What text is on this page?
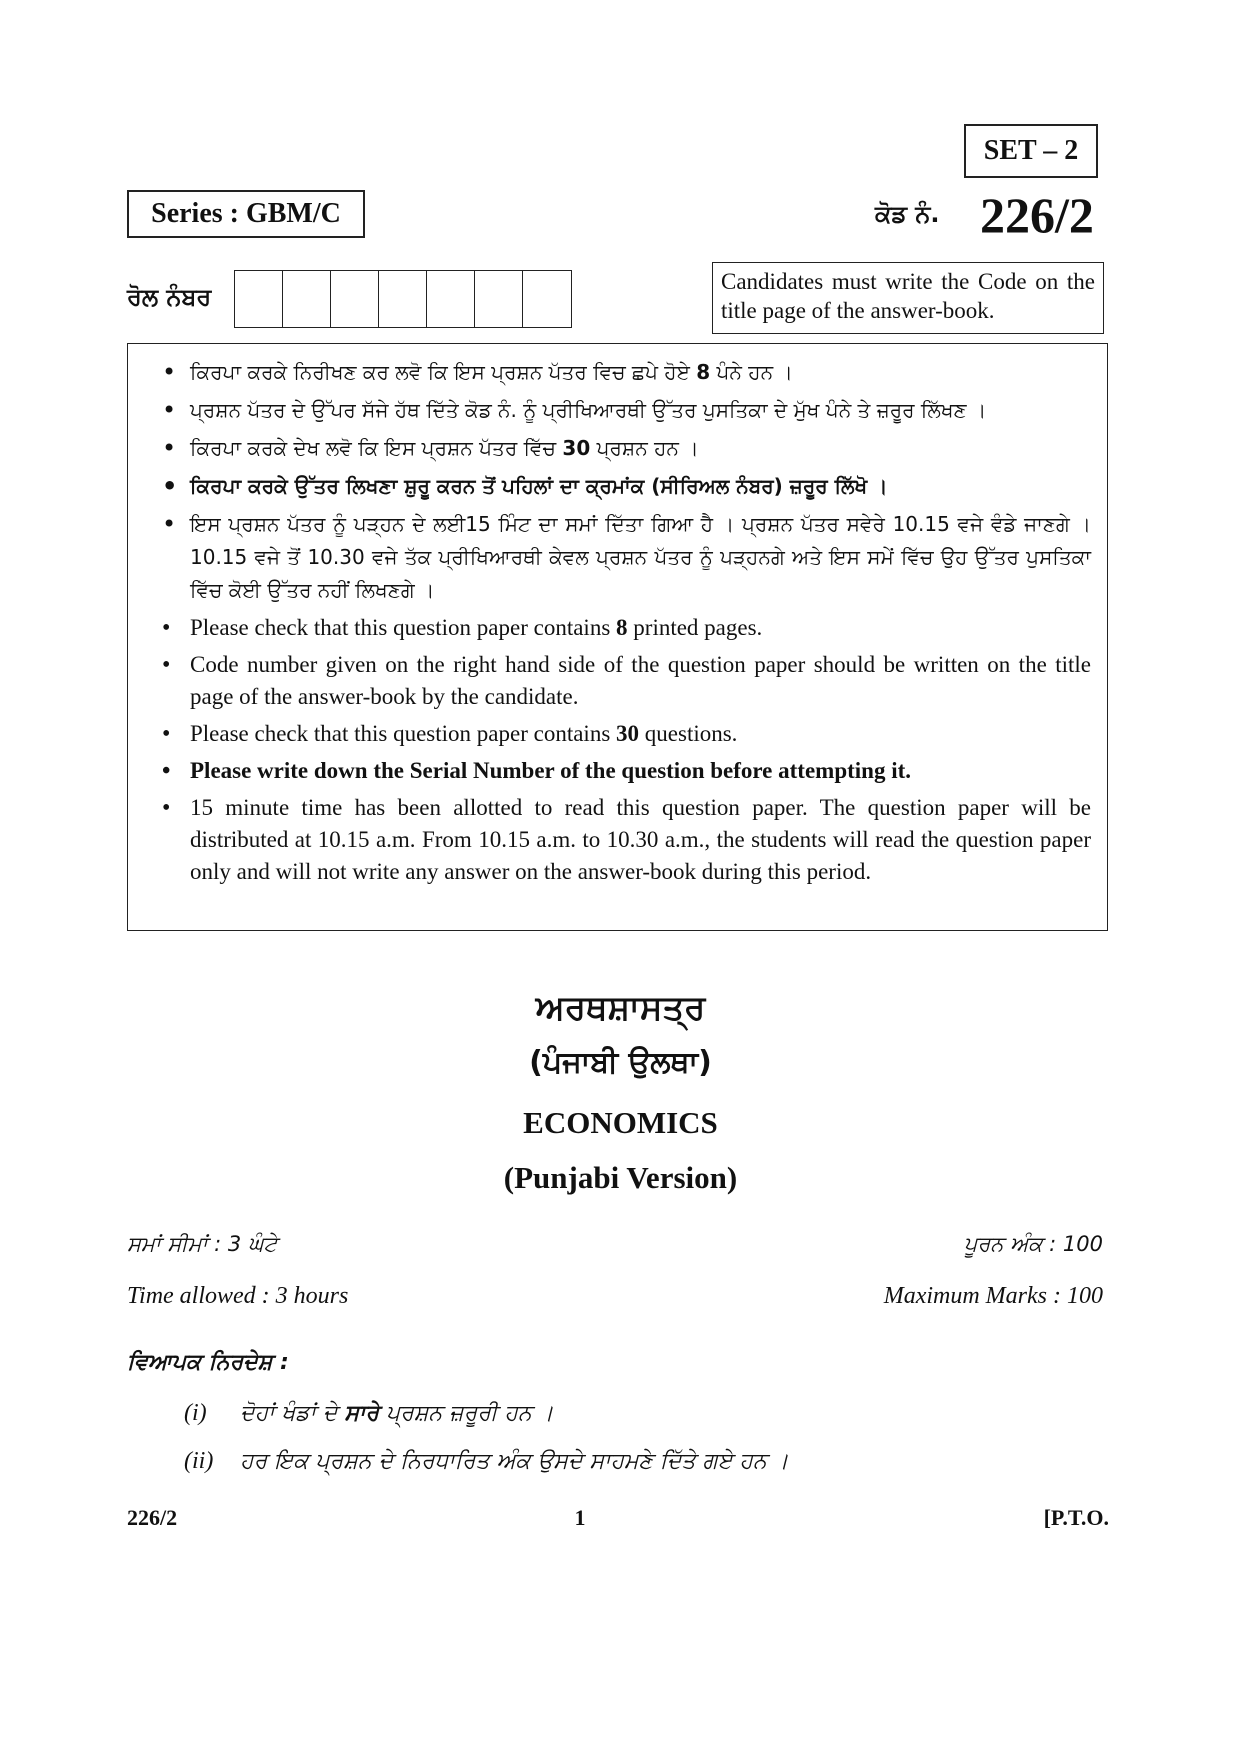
SET – 2
Series : GBM/C	ਕੋਡ ਨੰ. 226/2
ਰੋਲ ਨੰਬਰ
Candidates must write the Code on the title page of the answer-book.
• ਕਿਰਪਾ ਕਰਕੇ ਨਿਰੀਖਣ ਕਰ ਲਵੋ ਕਿ ਇਸ ਪ੍ਰਸ਼ਨ ਪੱਤਰ ਵਿਚ ਛਪੇ ਹੋਏ 8 ਪੰਨੇ ਹਨ ।
• ਪ੍ਰਸ਼ਨ ਪੱਤਰ ਦੇ ਉੱਪਰ ਸੱਜੇ ਹੱਥ ਦਿੱਤੇ ਕੋਡ ਨੰ. ਨੂੰ ਪ੍ਰੀਖਿਆਰਥੀ ਉੱਤਰ ਪੁਸਤਿਕਾ ਦੇ ਮੁੱਖ ਪੰਨੇ ਤੇ ਜ਼ਰੂਰ ਲਿੱਖਣ ।
• ਕਿਰਪਾ ਕਰਕੇ ਦੇਖ ਲਵੋ ਕਿ ਇਸ ਪ੍ਰਸ਼ਨ ਪੱਤਰ ਵਿੱਚ 30 ਪ੍ਰਸ਼ਨ ਹਨ ।
• ਕਿਰਪਾ ਕਰਕੇ ਉੱਤਰ ਲਿਖਣਾ ਸ਼ੁਰੂ ਕਰਨ ਤੋਂ ਪਹਿਲਾਂ ਦਾ ਕ੍ਰਮਾਂਕ (ਸੀਰਿਅਲ ਨੰਬਰ) ਜ਼ਰੂਰ ਲਿੱਖੋ ।
• ਇਸ ਪ੍ਰਸ਼ਨ ਪੱਤਰ ਨੂੰ ਪੜ੍ਹਨ ਦੇ ਲਈ15 ਮਿੰਟ ਦਾ ਸਮਾਂ ਦਿੱਤਾ ਗਿਆ ਹੈ । ਪ੍ਰਸ਼ਨ ਪੱਤਰ ਸਵੇਰੇ 10.15 ਵਜੇ ਵੰਡੇ ਜਾਣਗੇ । 10.15 ਵਜੇ ਤੋਂ 10.30 ਵਜੇ ਤੱਕ ਪ੍ਰੀਖਿਆਰਥੀ ਕੇਵਲ ਪ੍ਰਸ਼ਨ ਪੱਤਰ ਨੂੰ ਪੜ੍ਹਨਗੇ ਅਤੇ ਇਸ ਸਮੇਂ ਵਿੱਚ ਉਹ ਉੱਤਰ ਪੁਸਤਿਕਾ ਵਿੱਚ ਕੋਈ ਉੱਤਰ ਨਹੀਂ ਲਿਖਣਗੇ ।
• Please check that this question paper contains 8 printed pages.
• Code number given on the right hand side of the question paper should be written on the title page of the answer-book by the candidate.
• Please check that this question paper contains 30 questions.
• Please write down the Serial Number of the question before attempting it.
• 15 minute time has been allotted to read this question paper. The question paper will be distributed at 10.15 a.m. From 10.15 a.m. to 10.30 a.m., the students will read the question paper only and will not write any answer on the answer-book during this period.
ਅਰਥਸ਼ਾਸਤ੍ਰ
(ਪੰਜਾਬੀ ਉਲਥਾ)
ECONOMICS
(Punjabi Version)
ਸਮਾਂ ਸੀਮਾਂ : 3 ਘੰਟੇ	ਪੂਰਨ ਅੰਕ : 100
Time allowed : 3 hours	Maximum Marks : 100
ਵਿਆਪਕ ਨਿਰਦੇਸ਼ :
(i) ਦੋਹਾਂ ਖੰਡਾਂ ਦੇ ਸਾਰੇ ਪ੍ਰਸ਼ਨ ਜ਼ਰੂਰੀ ਹਨ ।
(ii) ਹਰ ਇਕ ਪ੍ਰਸ਼ਨ ਦੇ ਨਿਰਧਾਰਿਤ ਅੰਕ ਉਸਦੇ ਸਾਹਮਣੇ ਦਿੱਤੇ ਗਏ ਹਨ ।
226/2	1	[P.T.O.
